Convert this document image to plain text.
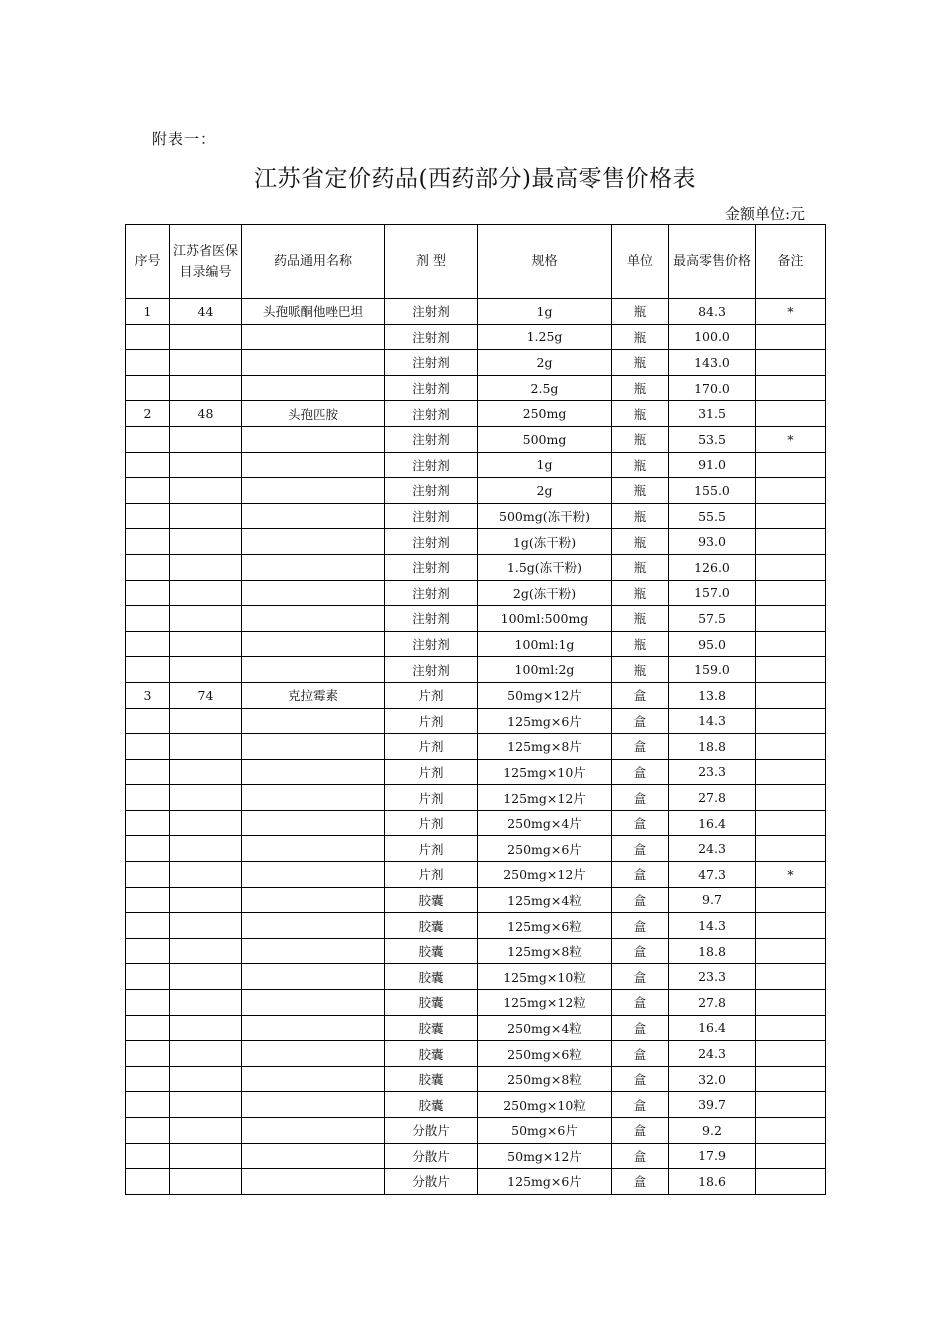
附表一：
江苏省定价药品(西药部分)最高零售价格表
金额单位:元
序号	江苏省医保目录编号	药品通用名称	剂 型	规格	单位	最高零售价格	备注
1	44	头孢哌酮他唑巴坦	注射剂	1g	瓶	84.3	*
			注射剂	1.25g	瓶	100.0	
			注射剂	2g	瓶	143.0	
			注射剂	2.5g	瓶	170.0	
2	48	头孢匹胺	注射剂	250mg	瓶	31.5	
			注射剂	500mg	瓶	53.5	*
			注射剂	1g	瓶	91.0	
			注射剂	2g	瓶	155.0	
			注射剂	500mg(冻干粉)	瓶	55.5	
			注射剂	1g(冻干粉)	瓶	93.0	
			注射剂	1.5g(冻干粉)	瓶	126.0	
			注射剂	2g(冻干粉)	瓶	157.0	
			注射剂	100ml:500mg	瓶	57.5	
			注射剂	100ml:1g	瓶	95.0	
			注射剂	100ml:2g	瓶	159.0	
3	74	克拉霉素	片剂	50mg×12片	盒	13.8	
			片剂	125mg×6片	盒	14.3	
			片剂	125mg×8片	盒	18.8	
			片剂	125mg×10片	盒	23.3	
			片剂	125mg×12片	盒	27.8	
			片剂	250mg×4片	盒	16.4	
			片剂	250mg×6片	盒	24.3	
			片剂	250mg×12片	盒	47.3	*
			胶囊	125mg×4粒	盒	9.7	
			胶囊	125mg×6粒	盒	14.3	
			胶囊	125mg×8粒	盒	18.8	
			胶囊	125mg×10粒	盒	23.3	
			胶囊	125mg×12粒	盒	27.8	
			胶囊	250mg×4粒	盒	16.4	
			胶囊	250mg×6粒	盒	24.3	
			胶囊	250mg×8粒	盒	32.0	
			胶囊	250mg×10粒	盒	39.7	
			分散片	50mg×6片	盒	9.2	
			分散片	50mg×12片	盒	17.9	
			分散片	125mg×6片	盒	18.6	
